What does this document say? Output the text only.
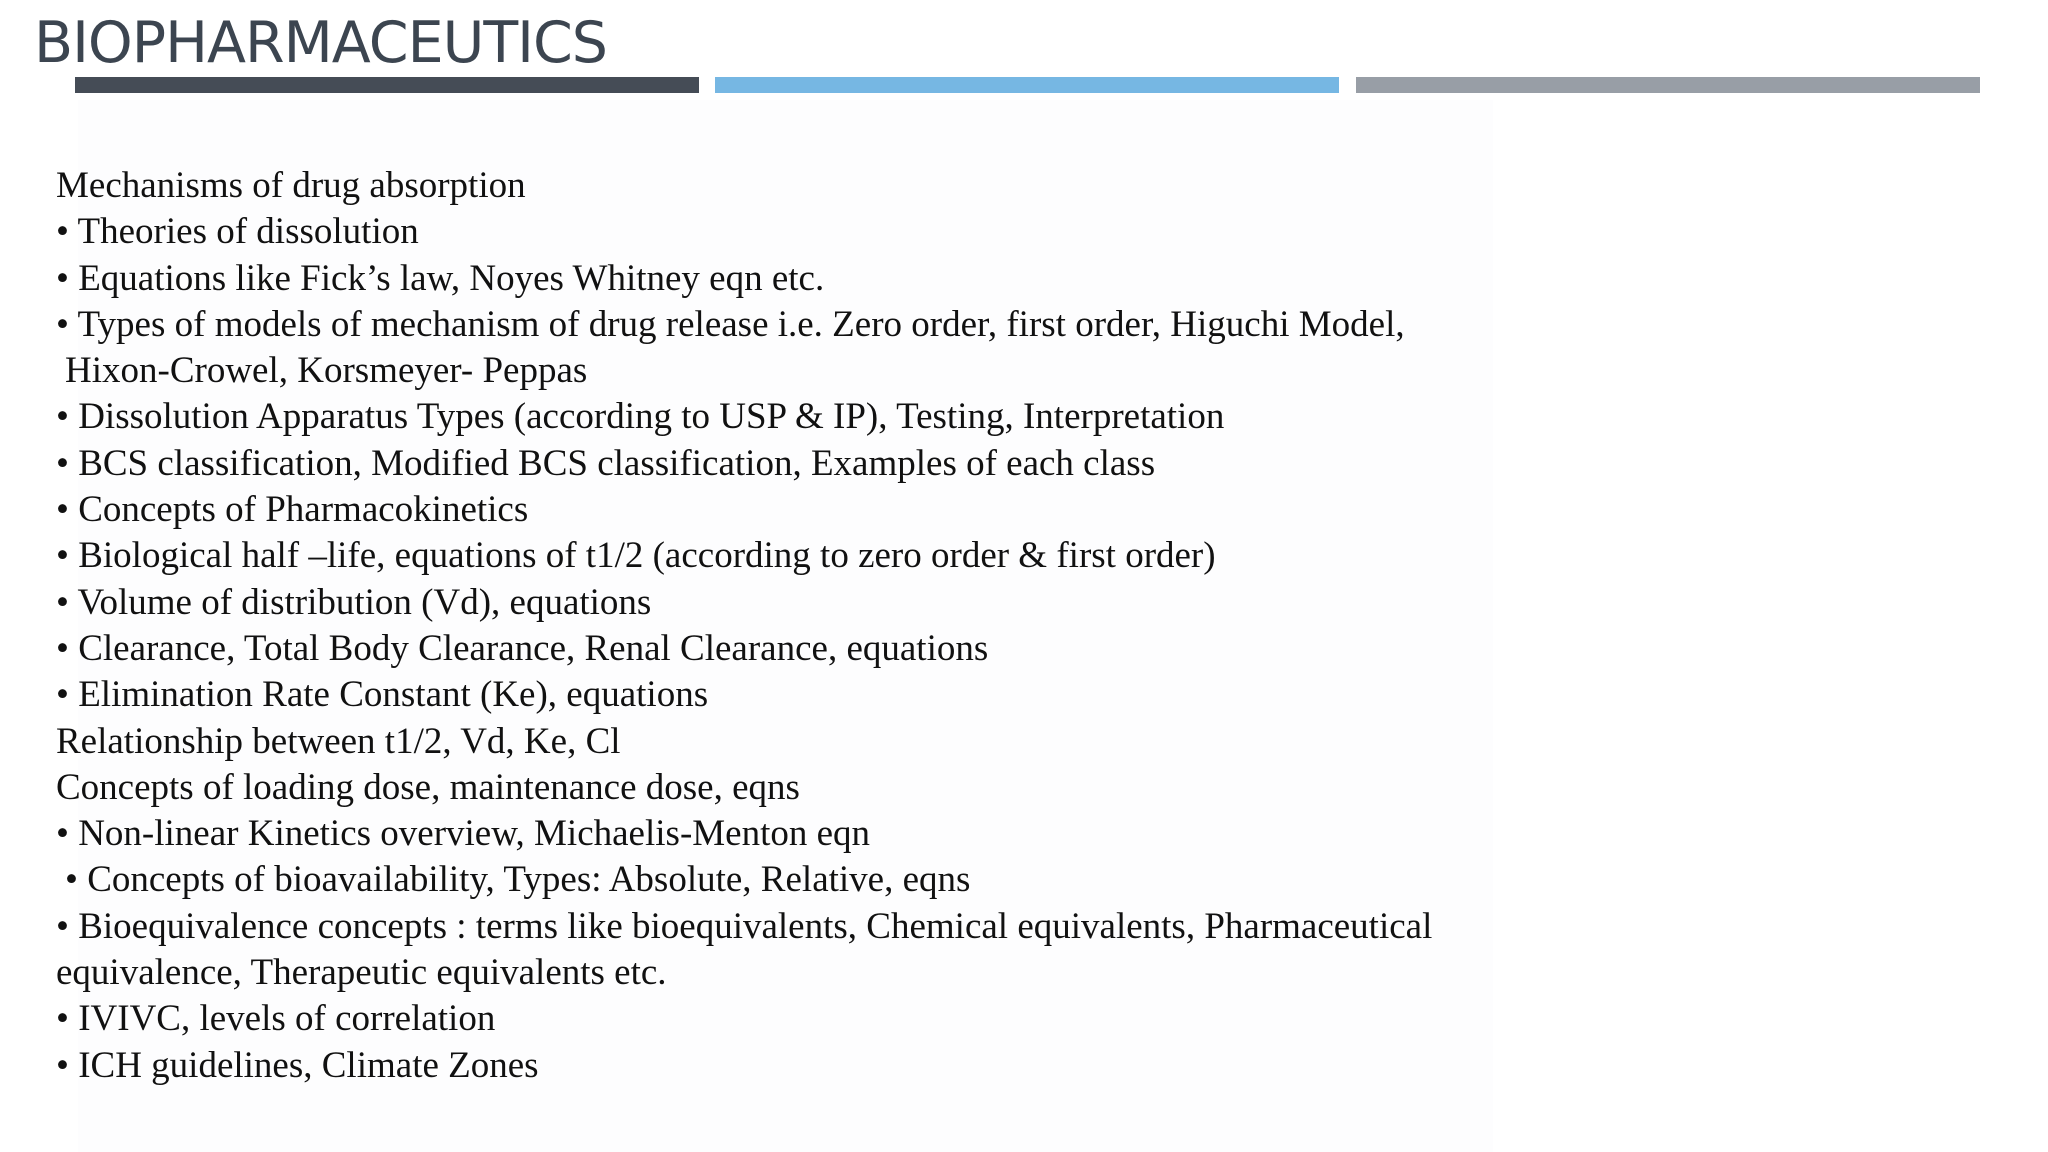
BIOPHARMACEUTICS
Mechanisms of drug absorption
• Theories of dissolution
• Equations like Fick’s law, Noyes Whitney eqn etc.
• Types of models of mechanism of drug release i.e. Zero order, first order, Higuchi Model,
Hixon-Crowel, Korsmeyer- Peppas
• Dissolution Apparatus Types (according to USP & IP), Testing, Interpretation
• BCS classification, Modified BCS classification, Examples of each class
• Concepts of Pharmacokinetics
• Biological half –life, equations of t1/2 (according to zero order & first order)
• Volume of distribution (Vd), equations
• Clearance, Total Body Clearance, Renal Clearance, equations
• Elimination Rate Constant (Ke), equations
Relationship between t1/2, Vd, Ke, Cl
Concepts of loading dose, maintenance dose, eqns
• Non-linear Kinetics overview, Michaelis-Menton eqn
• Concepts of bioavailability, Types: Absolute, Relative, eqns
• Bioequivalence concepts : terms like bioequivalents, Chemical equivalents, Pharmaceutical
equivalence, Therapeutic equivalents etc.
• IVIVC, levels of correlation
• ICH guidelines, Climate Zones
